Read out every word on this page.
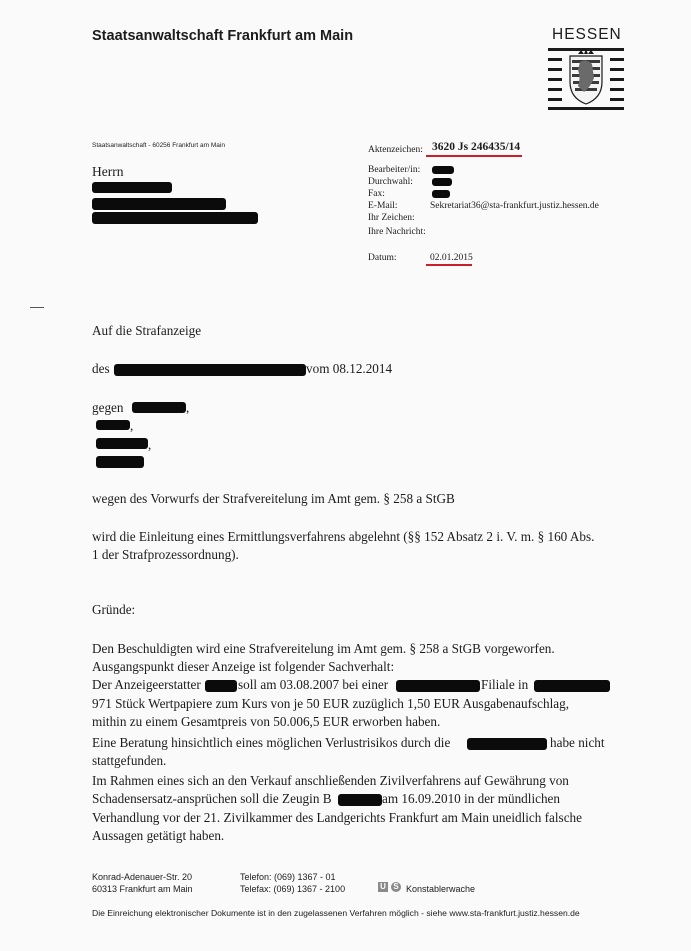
Staatsanwaltschaft Frankfurt am Main	HESSEN
Staatsanwaltschaft - 60256 Frankfurt am Main
Herrn
Aktenzeichen: 3620 Js 246435/14
Bearbeiter/in:
Durchwahl:
Fax:
E-Mail:	Sekretariat36@sta-frankfurt.justiz.hessen.de
Ihr Zeichen:
Ihre Nachricht:
Datum:	02.01.2015
Auf die Strafanzeige
des	vom 08.12.2014
gegen	,
,
,
wegen des Vorwurfs der Strafvereitelung im Amt gem. § 258 a StGB
wird die Einleitung eines Ermittlungsverfahrens abgelehnt (§§ 152 Absatz 2 i. V. m. § 160 Abs.
1 der Strafprozessordnung).
Gründe:
Den Beschuldigten wird eine Strafvereitelung im Amt gem. § 258 a StGB vorgeworfen.
Ausgangspunkt dieser Anzeige ist folgender Sachverhalt:
Der Anzeigeerstatter	soll am 03.08.2007 bei einer	Filiale in
971 Stück Wertpapiere zum Kurs von je 50 EUR zuzüglich 1,50 EUR Ausgabenaufschlag,
mithin zu einem Gesamtpreis von 50.006,5 EUR erworben haben.
Eine Beratung hinsichtlich eines möglichen Verlustrisikos durch die	habe nicht
stattgefunden.
Im Rahmen eines sich an den Verkauf anschließenden Zivilverfahrens auf Gewährung von
Schadensersatz-ansprüchen soll die Zeugin B	am 16.09.2010 in der mündlichen
Verhandlung vor der 21. Zivilkammer des Landgerichts Frankfurt am Main uneidlich falsche
Aussagen getätigt haben.
Konrad-Adenauer-Str. 20
60313 Frankfurt am Main
Telefon: (069) 1367 - 01
Telefax: (069) 1367 - 2100	U S Konstablerwache
Die Einreichung elektronischer Dokumente ist in den zugelassenen Verfahren möglich - siehe www.sta-frankfurt.justiz.hessen.de
